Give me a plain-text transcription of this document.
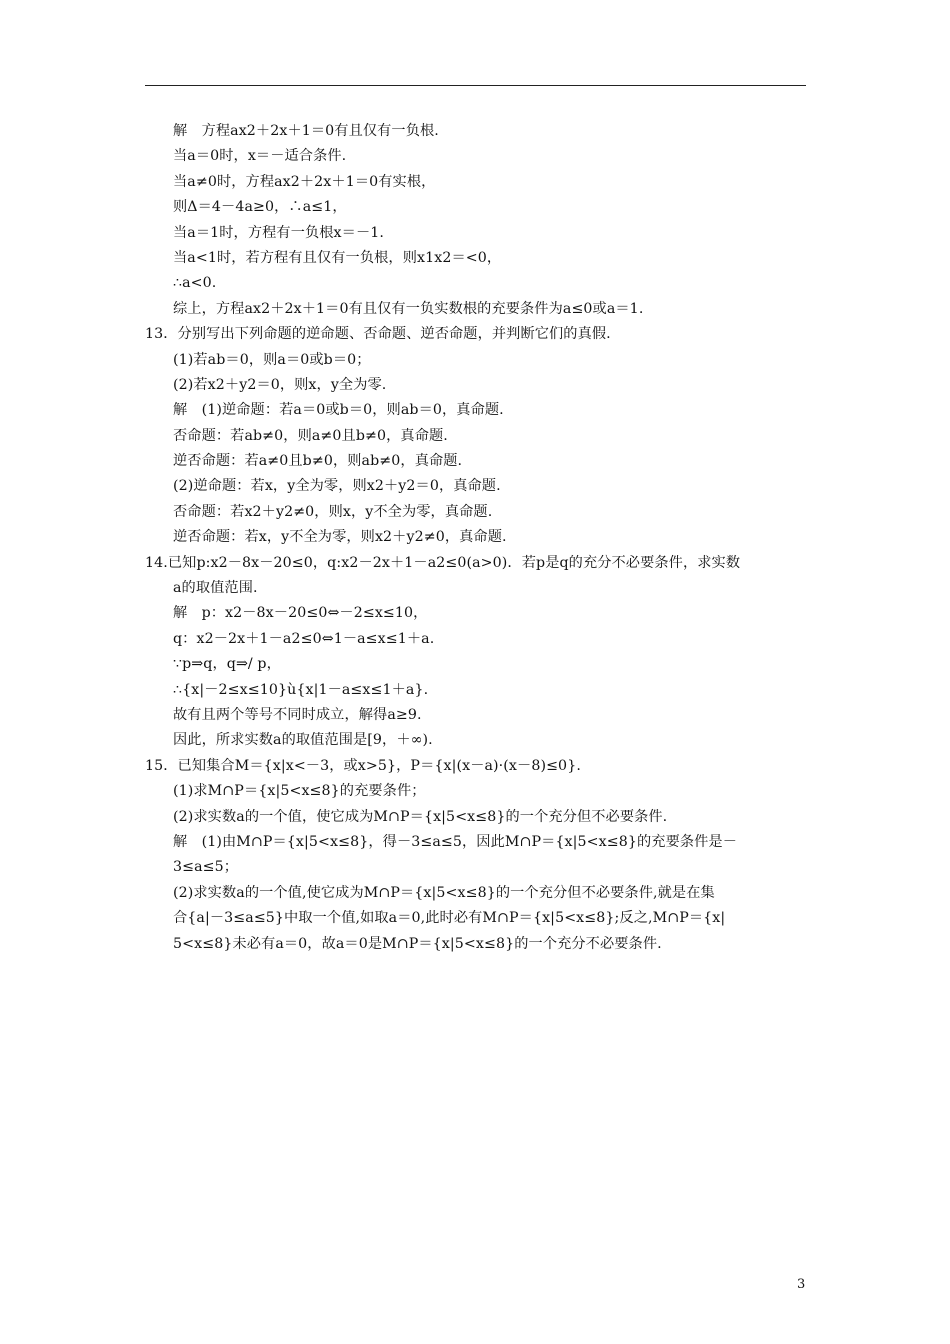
解　方程ax2＋2x＋1＝0有且仅有一负根.
当a＝0时，x＝－适合条件.
当a≠0时，方程ax2＋2x＋1＝0有实根，
则Δ＝4－4a≥0，∴a≤1，
当a＝1时，方程有一负根x＝－1.
当a<1时，若方程有且仅有一负根，则x1x2＝<0，
∴a<0.
综上，方程ax2＋2x＋1＝0有且仅有一负实数根的充要条件为a≤0或a＝1.
13．分别写出下列命题的逆命题、否命题、逆否命题，并判断它们的真假.
(1)若ab＝0，则a＝0或b＝0；
(2)若x2＋y2＝0，则x，y全为零.
解　(1)逆命题：若a＝0或b＝0，则ab＝0，真命题.
否命题：若ab≠0，则a≠0且b≠0，真命题.
逆否命题：若a≠0且b≠0，则ab≠0，真命题.
(2)逆命题：若x，y全为零，则x2＋y2＝0，真命题.
否命题：若x2＋y2≠0，则x，y不全为零，真命题.
逆否命题：若x，y不全为零，则x2＋y2≠0，真命题.
14.已知p:x2－8x－20≤0，q:x2－2x＋1－a2≤0(a>0)．若p是q的充分不必要条件，求实数
a的取值范围.
解　p：x2－8x－20≤0⇔－2≤x≤10，
q：x2－2x＋1－a2≤0⇔1－a≤x≤1＋a.
∵p⇒q，q⇒/ p，
∴{x|－2≤x≤10}ù{x|1－a≤x≤1＋a}.
故有且两个等号不同时成立，解得a≥9.
因此，所求实数a的取值范围是[9，＋∞).
15．已知集合M＝{x|x<－3，或x>5}，P＝{x|(x－a)·(x－8)≤0}.
(1)求M∩P＝{x|5<x≤8}的充要条件；
(2)求实数a的一个值，使它成为M∩P＝{x|5<x≤8}的一个充分但不必要条件.
解　(1)由M∩P＝{x|5<x≤8}，得－3≤a≤5，因此M∩P＝{x|5<x≤8}的充要条件是－
3≤a≤5；
(2)求实数a的一个值,使它成为M∩P＝{x|5<x≤8}的一个充分但不必要条件,就是在集
合{a|－3≤a≤5}中取一个值,如取a＝0,此时必有M∩P＝{x|5<x≤8};反之,M∩P＝{x|
5<x≤8}未必有a＝0，故a＝0是M∩P＝{x|5<x≤8}的一个充分不必要条件.
3
